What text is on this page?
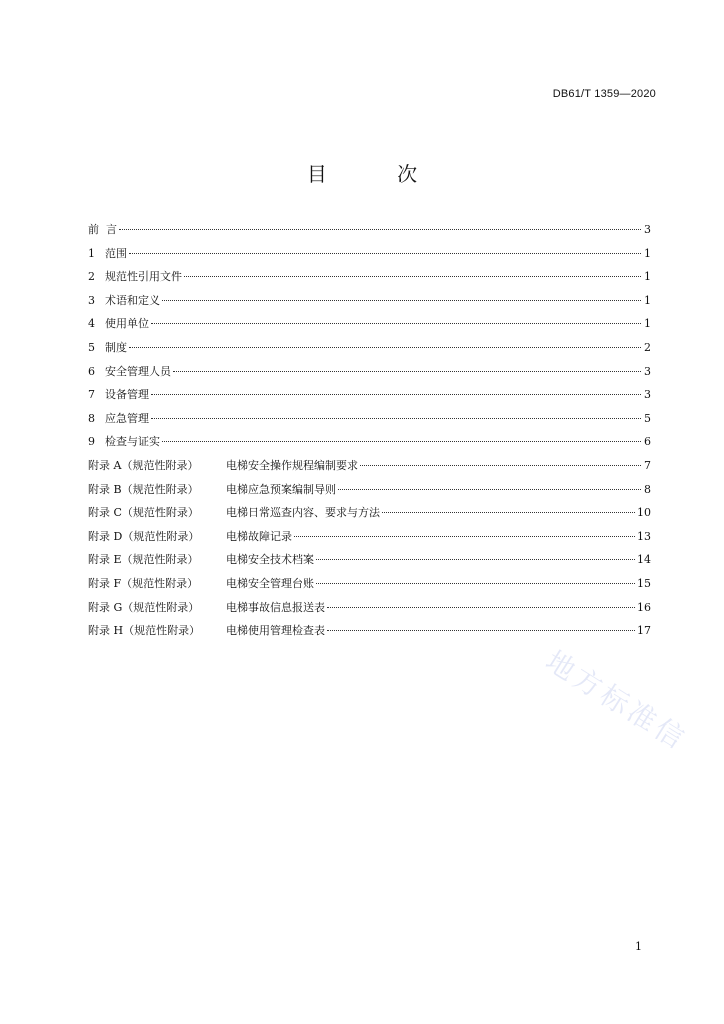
DB61/T 1359—2020
目 次
前  言	3
1 范围	1
2 规范性引用文件	1
3 术语和定义	1
4 使用单位	1
5 制度	2
6 安全管理人员	3
7 设备管理	3
8 应急管理	5
9 检查与证实	6
附录 A（规范性附录）	电梯安全操作规程编制要求	7
附录 B（规范性附录） 电梯应急预案编制导则	8
附录 C（规范性附录） 电梯日常巡查内容、要求与方法	10
附录 D（规范性附录） 电梯故障记录	13
附录 E（规范性附录） 电梯安全技术档案	14
附录 F（规范性附录）	电梯安全管理台账	15
附录 G（规范性附录） 电梯事故信息报送表	16
附录 H（规范性附录） 电梯使用管理检查表	17
1
地方标准信
